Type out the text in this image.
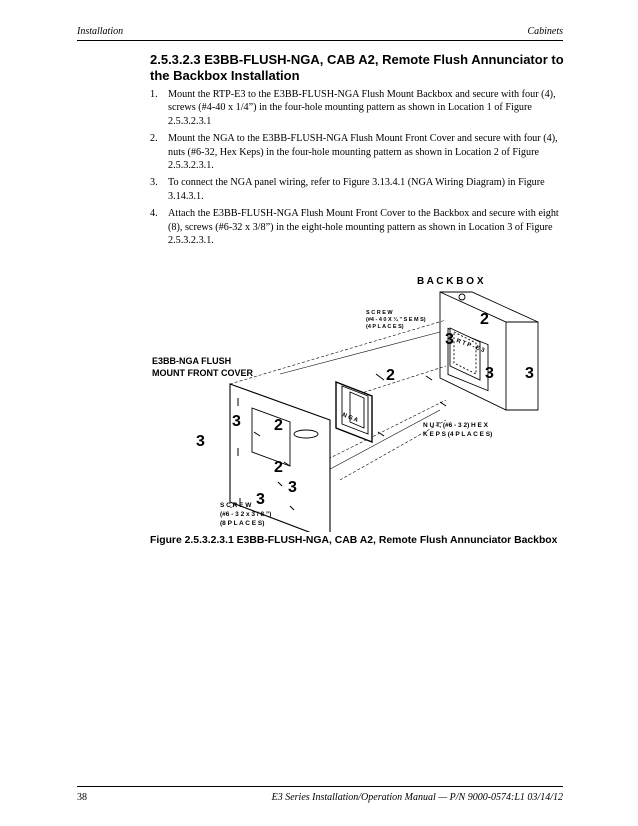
Installation	Cabinets
2.5.3.2.3 E3BB-FLUSH-NGA, CAB A2, Remote Flush Annunciator to the Backbox Installation
1. Mount the RTP-E3 to the E3BB-FLUSH-NGA Flush Mount Backbox and secure with four (4), screws (#4-40 x 1/4”) in the four-hole mounting pattern as shown in Location 1 of Figure 2.5.3.2.3.1
2. Mount the NGA to the E3BB-FLUSH-NGA Flush Mount Front Cover and secure with four (4), nuts (#6-32, Hex Keps) in the four-hole mounting pattern as shown in Location 2 of Figure 2.5.3.2.3.1.
3. To connect the NGA panel wiring, refer to Figure 3.13.4.1 (NGA Wiring Diagram) in Figure 3.14.3.1.
4. Attach the E3BB-FLUSH-NGA Flush Mount Front Cover to the Backbox and secure with eight (8), screws (#6-32 x 3/8”) in the eight-hole mounting pattern as shown in Location 3 of Figure 2.5.3.2.3.1.
2
3
3 3
2
3 2
3
2
3
3
B A C K B O X
S C R E W
(#4 - 4 0 X ¼ ” S E M S)
(4 P L A C E S)
E3BB-NGA FLUSH
MOUNT FRONT COVER
N U T, (#6 - 3 2) H E X
K E P S (4 P L A C E S)
S C R E W
(#6 - 3 2 x 3 / 8 ”)
(8 P L A C E S)
R T P - E 3
N G A
Figure 2.5.3.2.3.1 E3BB-FLUSH-NGA, CAB A2, Remote Flush Annunciator Backbox
38	E3 Series Installation/Operation Manual — P/N 9000-0574:L1 03/14/12
